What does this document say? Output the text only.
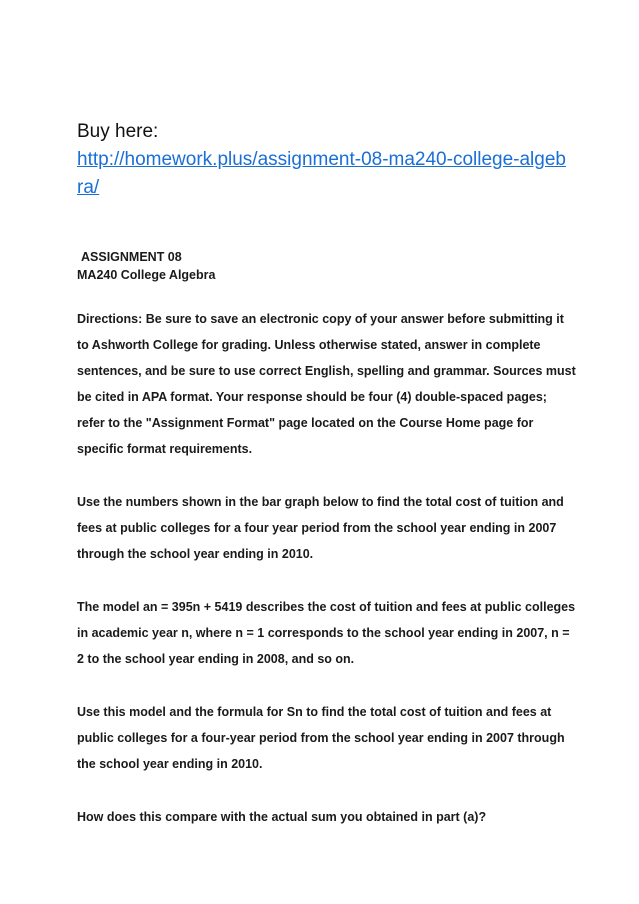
Buy here:

http://homework.plus/assignment-08-ma240-college-algebra/
ASSIGNMENT 08
MA240 College Algebra

Directions: Be sure to save an electronic copy of your answer before submitting it to Ashworth College for grading. Unless otherwise stated, answer in complete sentences, and be sure to use correct English, spelling and grammar. Sources must be cited in APA format. Your response should be four (4) double-spaced pages; refer to the "Assignment Format" page located on the Course Home page for specific format requirements.

Use the numbers shown in the bar graph below to find the total cost of tuition and fees at public colleges for a four year period from the school year ending in 2007 through the school year ending in 2010.

The model an = 395n + 5419 describes the cost of tuition and fees at public colleges in academic year n, where n = 1 corresponds to the school year ending in 2007, n = 2 to the school year ending in 2008, and so on.

Use this model and the formula for Sn to find the total cost of tuition and fees at public colleges for a four-year period from the school year ending in 2007 through the school year ending in 2010.

How does this compare with the actual sum you obtained in part (a)?
